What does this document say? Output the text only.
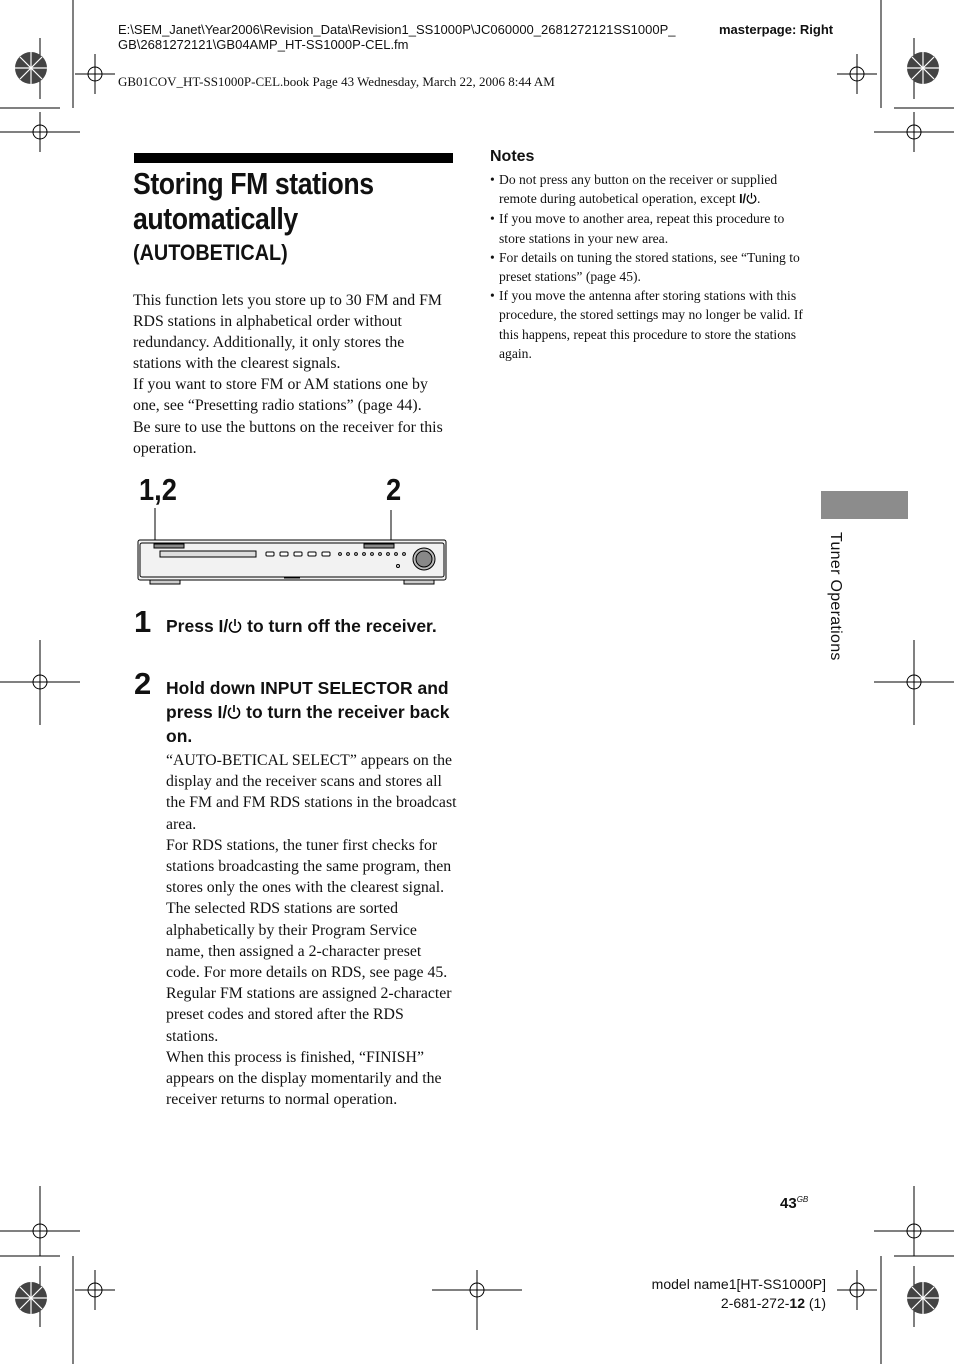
E:\SEM_Janet\Year2006\Revision_Data\Revision1_SS1000P\JC060000_2681272121SS1000P_
GB\2681272121\GB04AMP_HT-SS1000P-CEL.fm
masterpage: Right
GB01COV_HT-SS1000P-CEL.book Page 43 Wednesday, March 22, 2006 8:44 AM
Storing FM stations
automatically
(AUTOBETICAL)

This function lets you store up to 30 FM and FM RDS stations in alphabetical order without redundancy. Additionally, it only stores the stations with the clearest signals.

If you want to store FM or AM stations one by one, see “Presetting radio stations” (page 44).

Be sure to use the buttons on the receiver for this operation.

1,2	2
1 Press I/ to turn off the receiver.
2 Hold down INPUT SELECTOR and press I/ to turn the receiver back on.

“AUTO-BETICAL SELECT” appears on the display and the receiver scans and stores all the FM and FM RDS stations in the broadcast area.

For RDS stations, the tuner first checks for stations broadcasting the same program, then stores only the ones with the clearest signal. The selected RDS stations are sorted alphabetically by their Program Service name, then assigned a 2-character preset code. For more details on RDS, see page 45.

Regular FM stations are assigned 2-character preset codes and stored after the RDS stations.

When this process is finished, “FINISH” appears on the display momentarily and the receiver returns to normal operation.

Notes
• Do not press any button on the receiver or supplied remote during autobetical operation, except I/ .
• If you move to another area, repeat this procedure to store stations in your new area.
• For details on tuning the stored stations, see “Tuning to preset stations” (page 45).
• If you move the antenna after storing stations with this procedure, the stored settings may no longer be valid. If this happens, repeat this procedure to store the stations again.
Tuner Operations
$43^{GB}$
model name1[HT-SS1000P]
2-681-272-12 (1)
